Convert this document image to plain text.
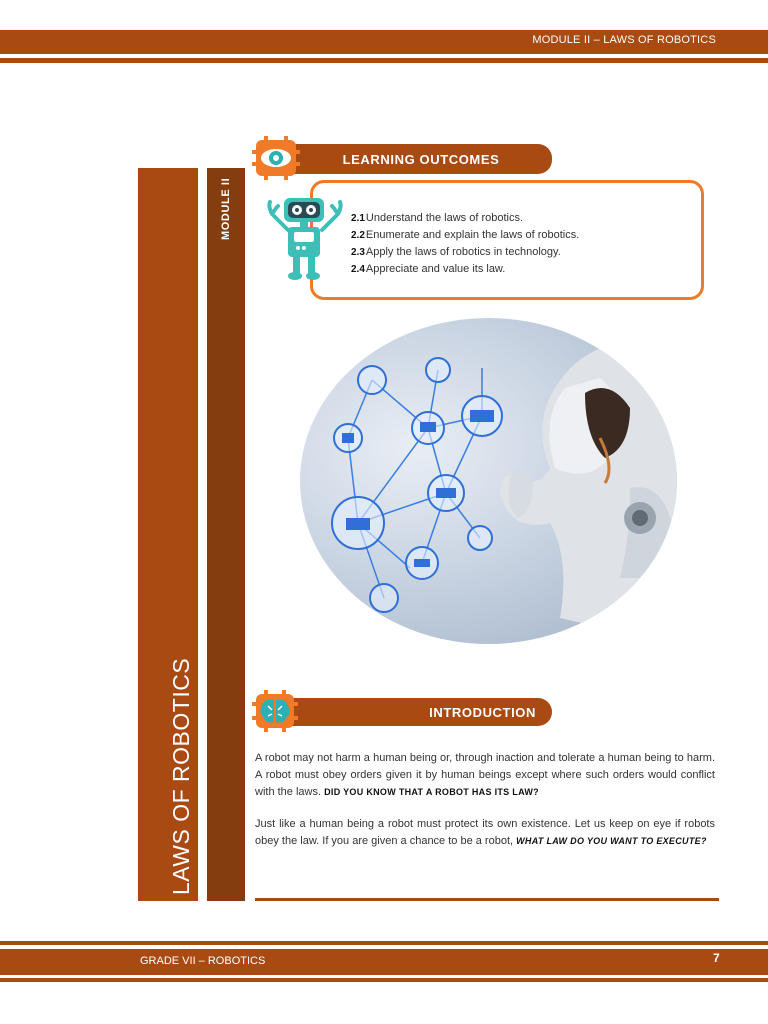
MODULE II – LAWS OF ROBOTICS
LAWS OF ROBOTICS
MODULE II
LEARNING OUTCOMES
2.1Understand the laws of robotics.
2.2Enumerate and explain the laws of robotics.
2.3Apply the laws of robotics in technology.
2.4Appreciate and value its law.
INTRODUCTION

A robot may not harm a human being or, through inaction and tolerate a human being to harm. A robot must obey orders given it by human beings except where such orders would conflict with the laws. DID YOU KNOW THAT A ROBOT HAS ITS LAW?

Just like a human being a robot must protect its own existence. Let us keep on eye if robots obey the law. If you are given a chance to be a robot, WHAT LAW DO YOU WANT TO EXECUTE?

GRADE VII – ROBOTICS	7
